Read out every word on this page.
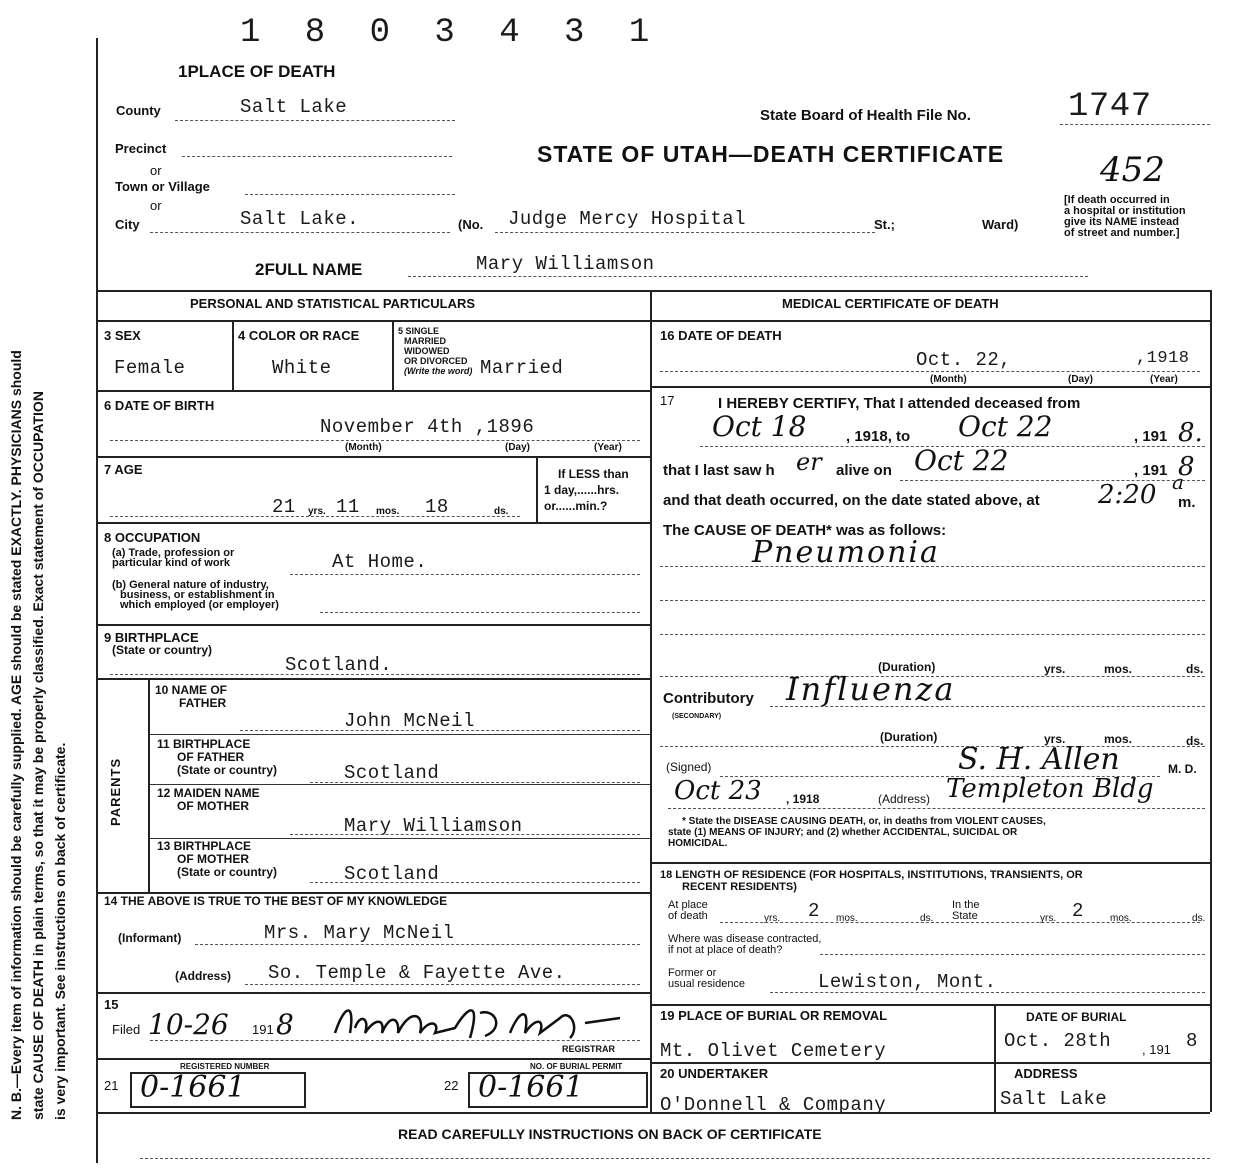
N. B.—Every item of information should be carefully supplied. AGE should be stated EXACTLY. PHYSICIANS should state CAUSE OF DEATH in plain terms, so that it may be properly classified. Exact statement of OCCUPATION is very important. See instructions on back of certificate.
1 8 0 3 4 3 1
1PLACE OF DEATH
County	Salt Lake
Precinct
or
Town or Village
or
City	Salt Lake.	(No. Judge Mercy Hospital	St.;	Ward)
State Board of Health File No.	1747
STATE OF UTAH—DEATH CERTIFICATE	452
[If death occurred in
a hospital or institution
give its NAME instead
of street and number.]
2FULL NAME	Mary Williamson
PERSONAL AND STATISTICAL PARTICULARS
3 SEX
Female
4 COLOR OR RACE
White
5 SINGLE
MARRIED
WIDOWED
OR DIVORCED
(Write the word) Married
6 DATE OF BIRTH
November 4th ,1896
(Month)	(Day)	(Year)
7 AGE
21 yrs. 11 mos. 18	ds.
If LESS than
1 day,......hrs.
or......min.?
8 OCCUPATION
(a) Trade, profession or
particular kind of work	At Home.
(b) General nature of industry,
business, or establishment in
which employed (or employer)
9 BIRTHPLACE
(State or country)
Scotland.
PARENTS
10 NAME OF
FATHER
John McNeil
11 BIRTHPLACE
OF FATHER
(State or country)	Scotland
12 MAIDEN NAME
OF MOTHER
Mary Williamson
13 BIRTHPLACE
OF MOTHER
(State or country)	Scotland
14 THE ABOVE IS TRUE TO THE BEST OF MY KNOWLEDGE
(Informant)	Mrs. Mary McNeil
(Address) So. Temple & Fayette Ave.
15
Filed 10-26 191 8
REGISTRAR
REGISTERED NUMBER	NO. OF BURIAL PERMIT
21 0-1661	22 0-1661
MEDICAL CERTIFICATE OF DEATH
16 DATE OF DEATH
Oct. 22,	,1918
(Month)	(Day)	(Year)
17	I HEREBY CERTIFY, That I attended deceased from
Oct 18	, 1918, to Oct 22	, 191 8.
that I last saw h er alive on Oct 22	, 191 8
and that death occurred, on the date stated above, at 2:20 a
m.
The CAUSE OF DEATH* was as follows:
Pneumonia
(Duration)	yrs.	mos.	ds.
Contributory
(SECONDARY)
Influenza
(Duration)	yrs.	mos.	ds.
(Signed)	S. H. Allen	M. D.
Oct 23 , 1918	(Address) Templeton Bldg
* State the DISEASE CAUSING DEATH, or, in deaths from VIOLENT CAUSES,
state (1) MEANS OF INJURY; and (2) whether ACCIDENTAL, SUICIDAL OR
HOMICIDAL.
18 LENGTH OF RESIDENCE (FOR HOSPITALS, INSTITUTIONS, TRANSIENTS, OR
RECENT RESIDENTS)
At place
of death	yrs. 2 mos.	ds.
In the
State	yrs. 2	mos.	ds.
Where was disease contracted,
if not at place of death?
Former or
usual residence	Lewiston, Mont.
19 PLACE OF BURIAL OR REMOVAL
Mt. Olivet Cemetery
DATE OF BURIAL
Oct. 28th , 191 8
20 UNDERTAKER
O'Donnell & Company
ADDRESS
Salt Lake
READ CAREFULLY INSTRUCTIONS ON BACK OF CERTIFICATE
